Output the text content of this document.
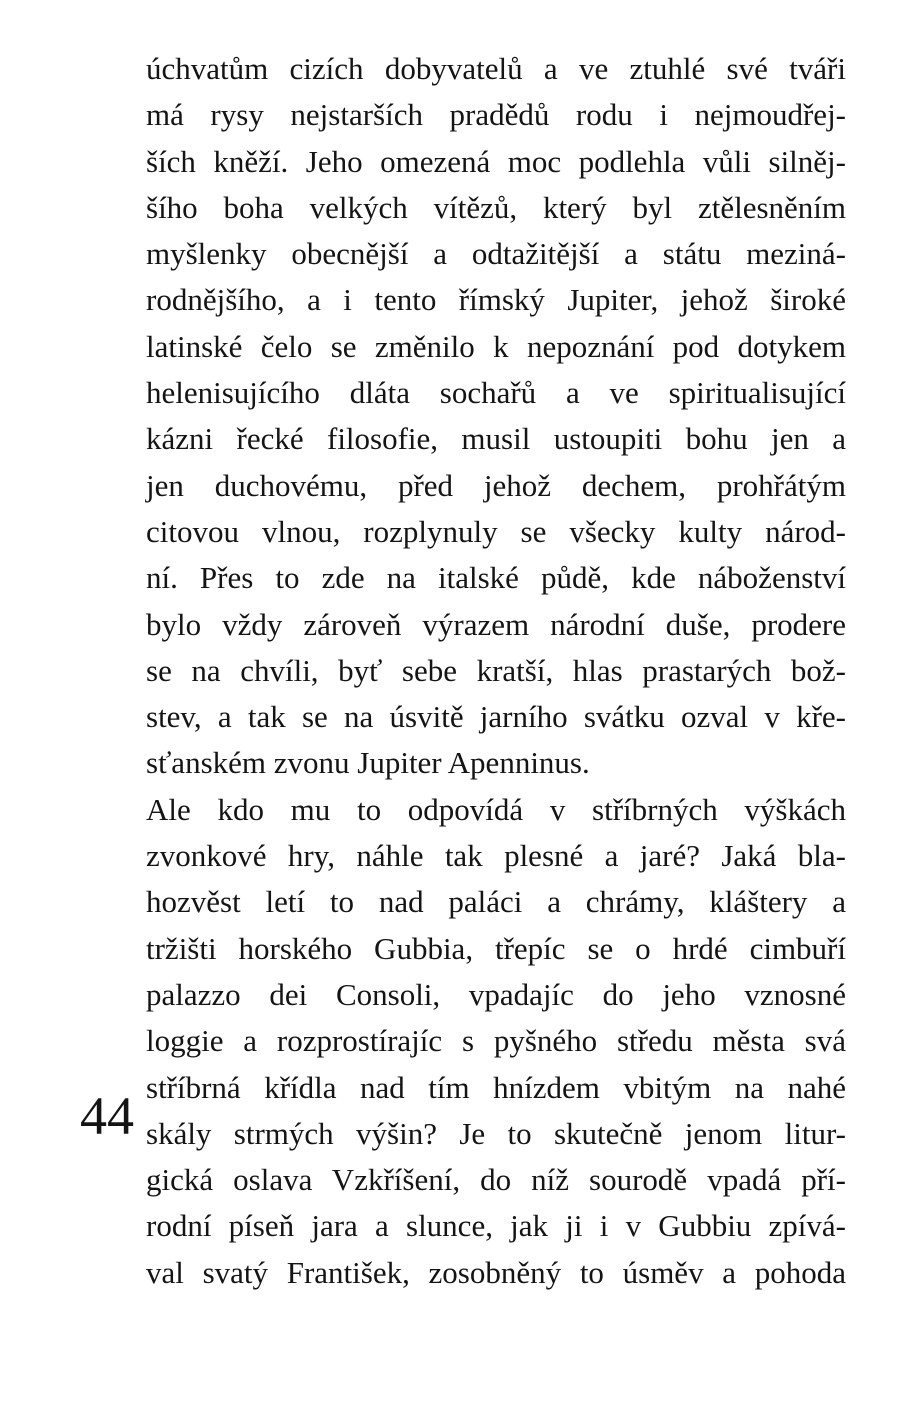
úchvatům cizích dobyvatelů a ve ztuhlé své tváři
má rysy nejstarších pradědů rodu i nejmoudřej-
ších kněží. Jeho omezená moc podlehla vůli silněj-
šího boha velkých vítězů, který byl ztělesněním
myšlenky obecnější a odtažitější a státu meziná-
rodnějšího, a i tento římský Jupiter, jehož široké
latinské čelo se změnilo k nepoznání pod dotykem
helenisujícího dláta sochařů a ve spiritualisující
kázni řecké filosofie, musil ustoupiti bohu jen a
jen duchovému, před jehož dechem, prohřátým
citovou vlnou, rozplynuly se všecky kulty národ-
ní. Přes to zde na italské půdě, kde náboženství
bylo vždy zároveň výrazem národní duše, prodere
se na chvíli, byť sebe kratší, hlas prastarých bož-
stev, a tak se na úsvitě jarního svátku ozval v kře-
sťanském zvonu Jupiter Apenninus.
Ale kdo mu to odpovídá v stříbrných výškách
zvonkové hry, náhle tak plesné a jaré? Jaká bla-
hozvěst letí to nad paláci a chrámy, kláštery a
tržišti horského Gubbia, třepíc se o hrdé cimbuří
palazzo dei Consoli, vpadajíc do jeho vznosné
loggie a rozprostírajíc s pyšného středu města svá
stříbrná křídla nad tím hnízdem vbitým na nahé
skály strmých výšin? Je to skutečně jenom litur-
gická oslava Vzkříšení, do níž sourodě vpadá pří-
rodní píseň jara a slunce, jak ji i v Gubbiu zpívá-
val svatý František, zosobněný to úsměv a pohoda
44
